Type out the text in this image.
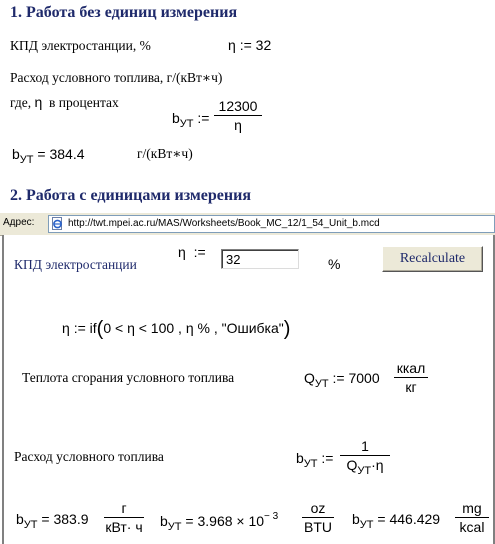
1. Работа без единиц измерения
КПД электростанции, %	η := 32
Расход условного топлива, г/(кВт∗ч)
где, η в процентах
$b_{УТ}$ :=
12300
η
$b_{УТ} = 384.4$	г/(кВт∗ч)
2. Работа с единицами измерения
Адрес:	http://twt.mpei.ac.ru/MAS/Worksheets/Book_MC_12/1_54_Unit_b.mcd
КПД электростанции
η :=
32
%	Recalculate
η := if(0 < η < 100 , η % , "Ошибка")
Теплота сгорания условного топлива	$Q_{УТ}$ := 7000
ккал
кг
Расход условного топлива	$b_{УТ}$ :=
1
$Q_{УТ}\cdot\eta$
$b_{УТ} = 383.9$
г
кВт· ч $b_{УТ} = 3.968 \times 10^{- 3}$
oz
BTU $b_{УТ} = 446.429$
mg
kcal
